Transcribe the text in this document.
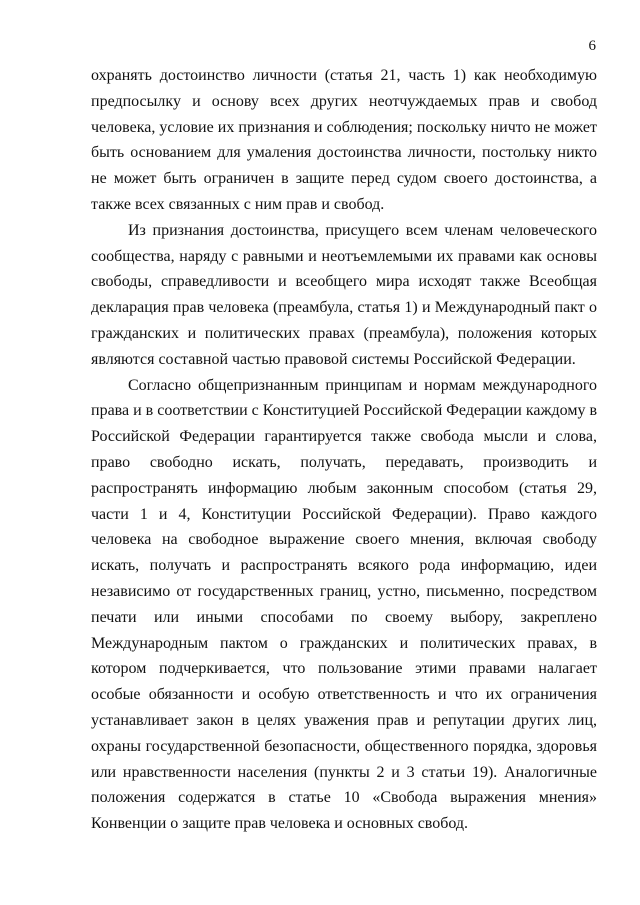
6

охранять достоинство личности (статья 21, часть 1) как необходимую предпосылку и основу всех других неотчуждаемых прав и свобод человека, условие их признания и соблюдения; поскольку ничто не может быть основанием для умаления достоинства личности, постольку никто не может быть ограничен в защите перед судом своего достоинства, а также всех связанных с ним прав и свобод.

Из признания достоинства, присущего всем членам человеческого сообщества, наряду с равными и неотъемлемыми их правами как основы свободы, справедливости и всеобщего мира исходят также Всеобщая декларация прав человека (преамбула, статья 1) и Международный пакт о гражданских и политических правах (преамбула), положения которых являются составной частью правовой системы Российской Федерации.

Согласно общепризнанным принципам и нормам международного права и в соответствии с Конституцией Российской Федерации каждому в Российской Федерации гарантируется также свобода мысли и слова, право свободно искать, получать, передавать, производить и распространять информацию любым законным способом (статья 29, части 1 и 4, Конституции Российской Федерации). Право каждого человека на свободное выражение своего мнения, включая свободу искать, получать и распространять всякого рода информацию, идеи независимо от государственных границ, устно, письменно, посредством печати или иными способами по своему выбору, закреплено Международным пактом о гражданских и политических правах, в котором подчеркивается, что пользование этими правами налагает особые обязанности и особую ответственность и что их ограничения устанавливает закон в целях уважения прав и репутации других лиц, охраны государственной безопасности, общественного порядка, здоровья или нравственности населения (пункты 2 и 3 статьи 19). Аналогичные положения содержатся в статье 10 «Свобода выражения мнения» Конвенции о защите прав человека и основных свобод.
